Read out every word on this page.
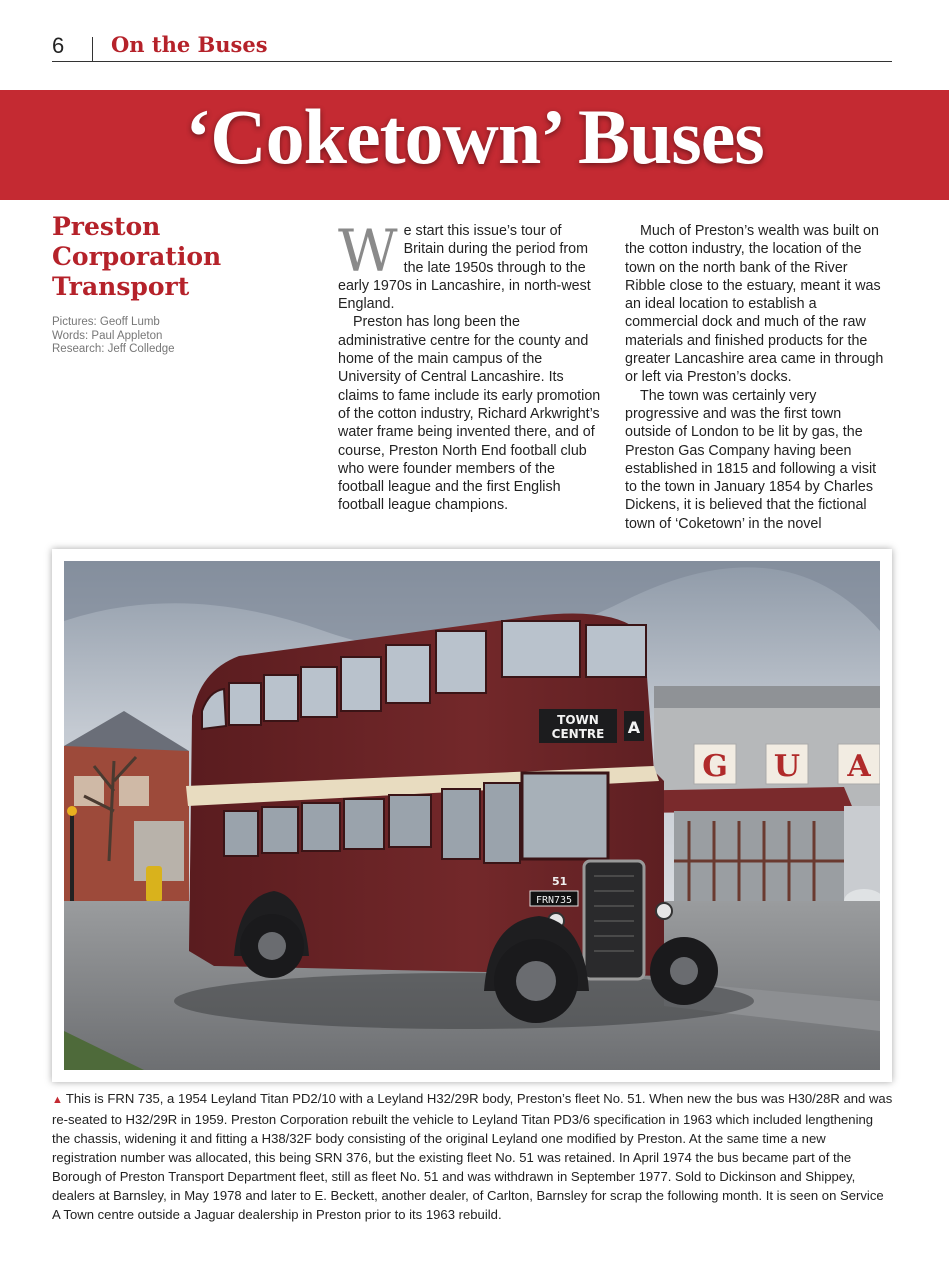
6 On the Buses
‘Coketown’ Buses
Preston
Corporation
Transport
Pictures: Geoff Lumb
Words: Paul Appleton
Research: Jeff Colledge

We start this issue’s tour of Britain during the period from the late 1950s through to the early 1970s in Lancashire, in north-west England.

Preston has long been the administrative centre for the county and home of the main campus of the University of Central Lancashire. Its claims to fame include its early promotion of the cotton industry, Richard Arkwright’s water frame being invented there, and of course, Preston North End football club who were founder members of the football league and the first English football league champions.

Much of Preston’s wealth was built on the cotton industry, the location of the town on the north bank of the River Ribble close to the estuary, meant it was an ideal location to establish a commercial dock and much of the raw materials and finished products for the greater Lancashire area came in through or left via Preston’s docks.

The town was certainly very progressive and was the first town outside of London to be lit by gas, the Preston Gas Company having been established in 1815 and following a visit to the town in January 1854 by Charles Dickens, it is believed that the fictional town of ‘Coketown’ in the novel

G U A
TOWN
CENTRE A
51
FRN735
▲ This is FRN 735, a 1954 Leyland Titan PD2/10 with a Leyland H32/29R body, Preston’s fleet No. 51. When new the bus was H30/28R and was re-seated to H32/29R in 1959. Preston Corporation rebuilt the vehicle to Leyland Titan PD3/6 specification in 1963 which included lengthening the chassis, widening it and fitting a H38/32F body consisting of the original Leyland one modified by Preston. At the same time a new registration number was allocated, this being SRN 376, but the existing fleet No. 51 was retained. In April 1974 the bus became part of the Borough of Preston Transport Department fleet, still as fleet No. 51 and was withdrawn in September 1977. Sold to Dickinson and Shippey, dealers at Barnsley, in May 1978 and later to E. Beckett, another dealer, of Carlton, Barnsley for scrap the following month. It is seen on Service A Town centre outside a Jaguar dealership in Preston prior to its 1963 rebuild.
